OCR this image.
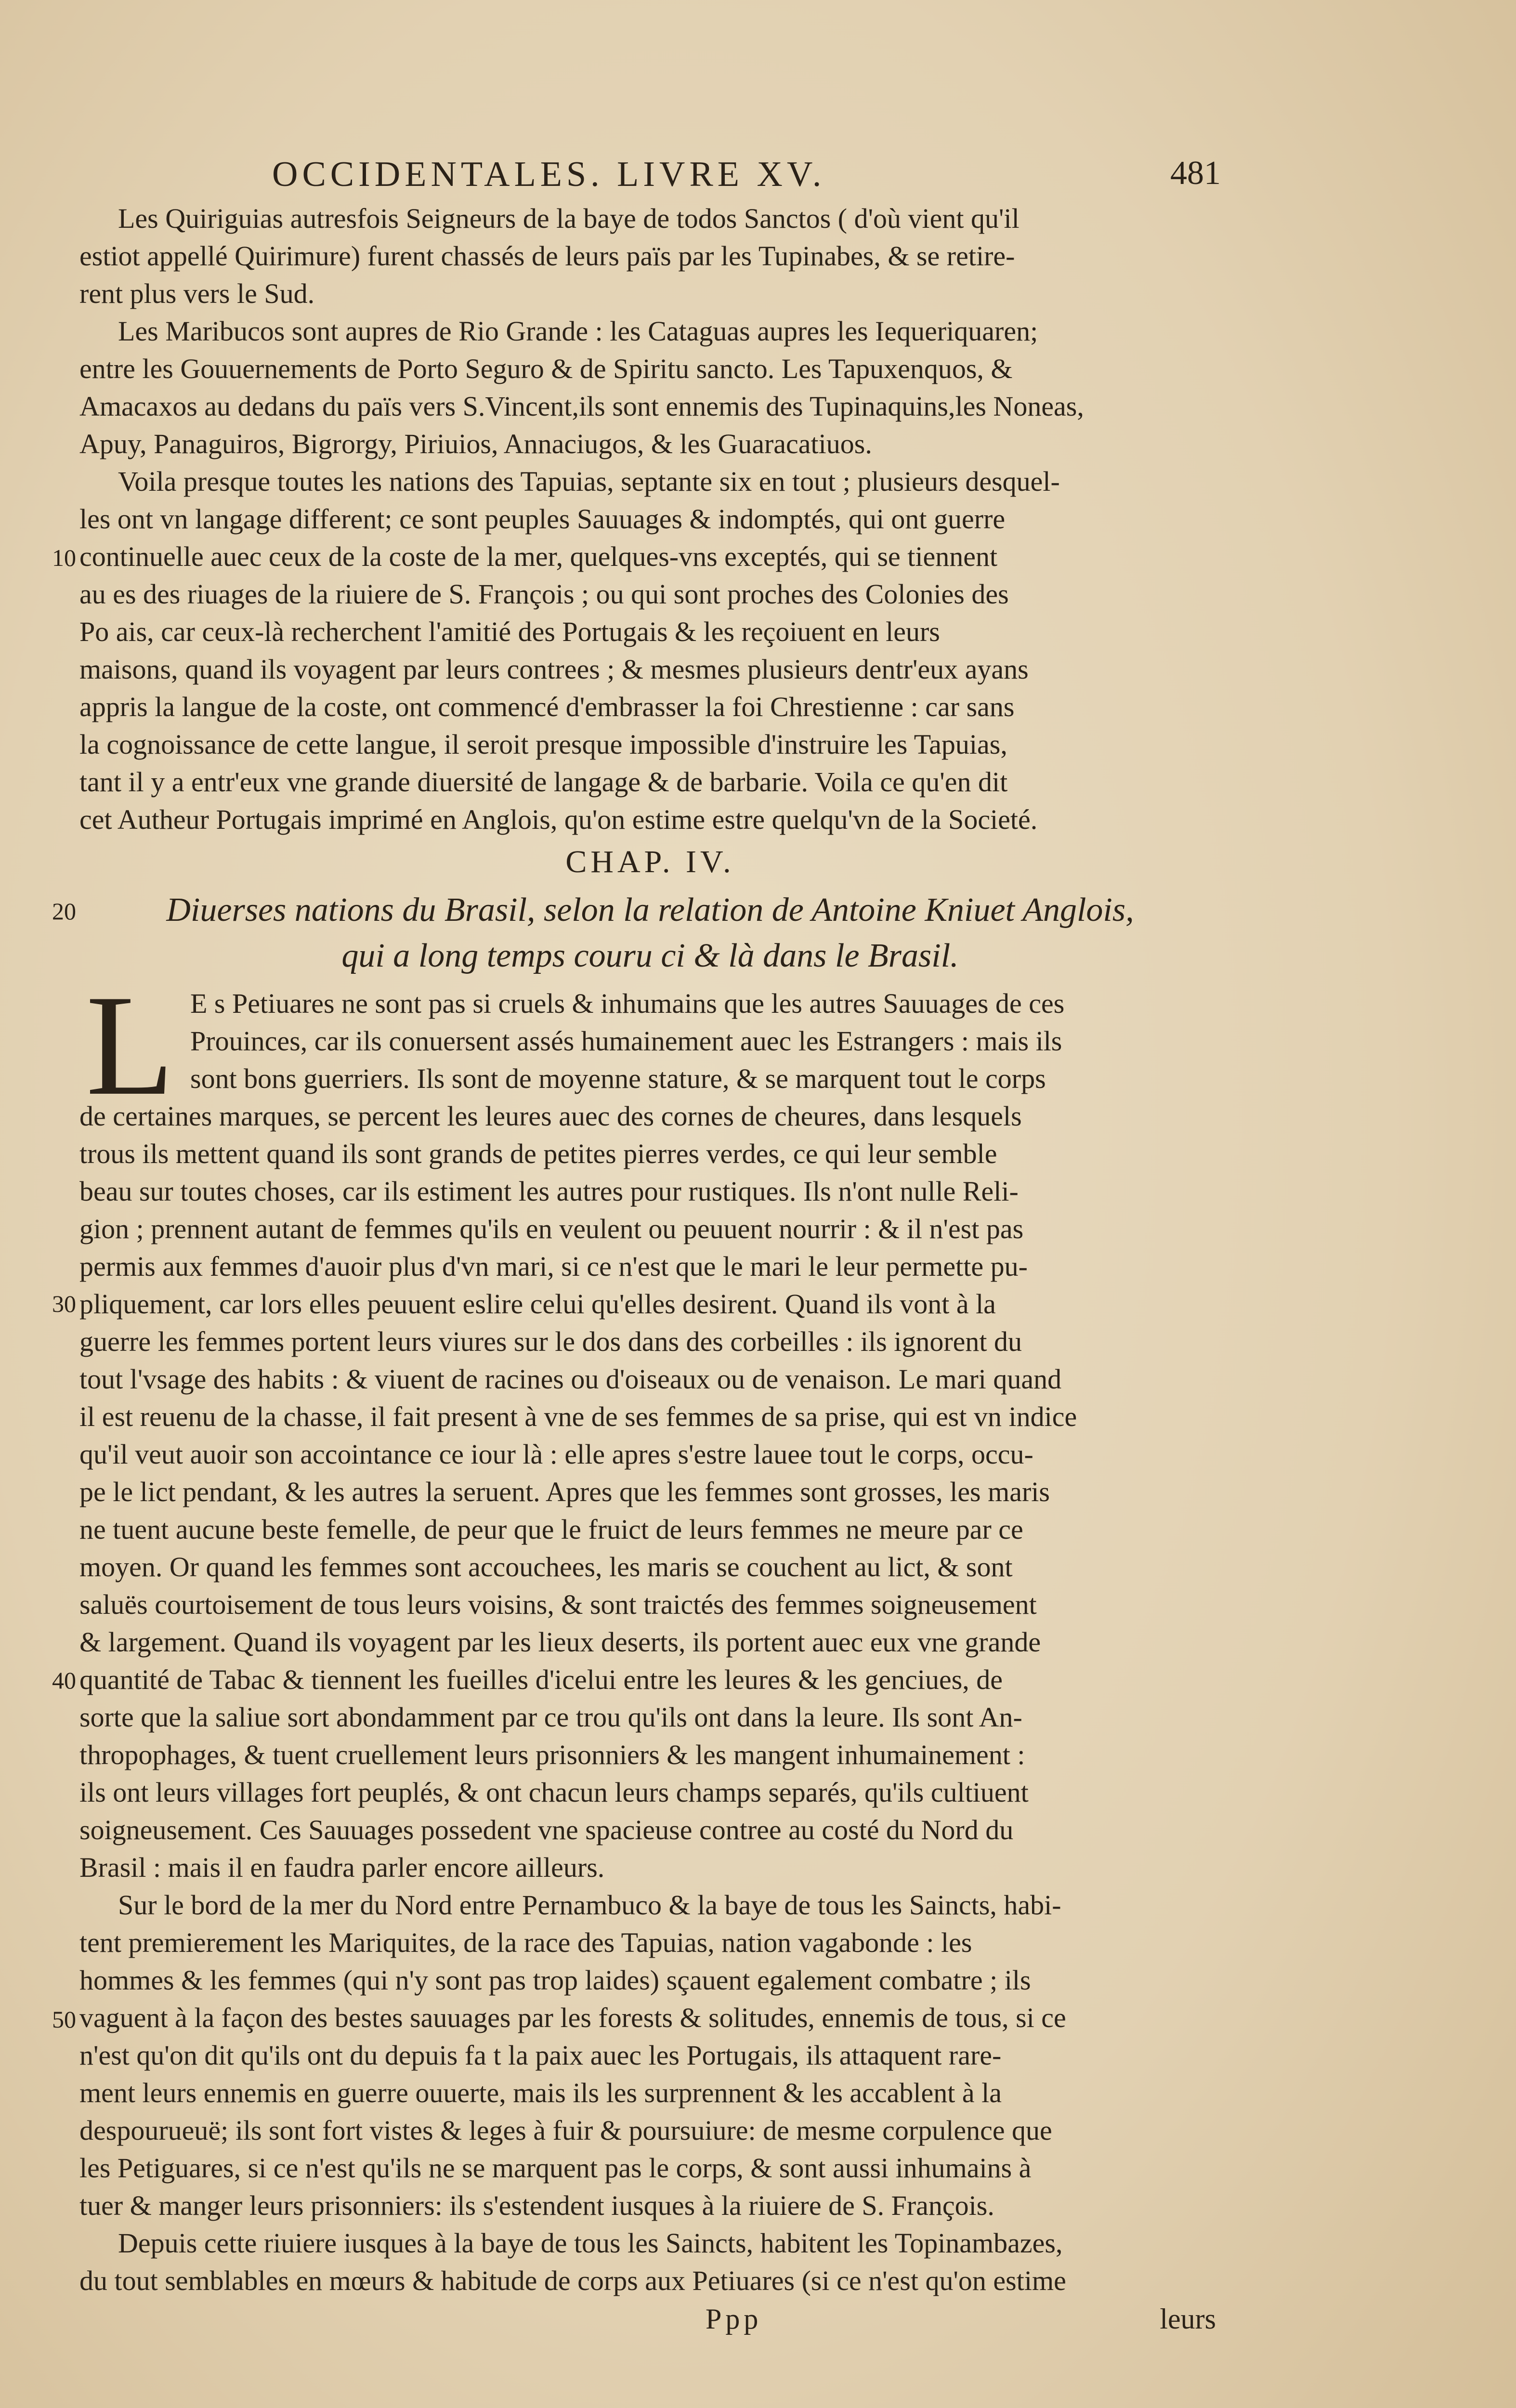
OCCIDENTALES. LIVRE XV.	481
Les Quiriguias autresfois Seigneurs de la baye de todos Sanctos ( d'où vient qu'il
estiot appellé Quirimure) furent chassés de leurs païs par les Tupinabes, & se retire-
rent plus vers le Sud.
Les Maribucos sont aupres de Rio Grande : les Cataguas aupres les Iequeriquaren;
entre les Gouuernements de Porto Seguro & de Spiritu sancto. Les Tapuxenquos, &
Amacaxos au dedans du païs vers S.Vincent,ils sont ennemis des Tupinaquins,les Noneas,
Apuy, Panaguiros, Bigrorgy, Piriuios, Annaciugos, & les Guaracatiuos.
Voila presque toutes les nations des Tapuias, septante six en tout ; plusieurs desquel-
les ont vn langage different; ce sont peuples Sauuages & indomptés, qui ont guerre
continuelle auec ceux de la coste de la mer, quelques-vns exceptés, qui se tiennent
au es des riuages de la riuiere de S. François ; ou qui sont proches des Colonies des
Po ais, car ceux-là recherchent l'amitié des Portugais & les reçoiuent en leurs
maisons, quand ils voyagent par leurs contrees ; & mesmes plusieurs dentr'eux ayans
appris la langue de la coste, ont commencé d'embrasser la foi Chrestienne : car sans
la cognoissance de cette langue, il seroit presque impossible d'instruire les Tapuias,
tant il y a entr'eux vne grande diuersité de langage & de barbarie. Voila ce qu'en dit
cet Autheur Portugais imprimé en Anglois, qu'on estime estre quelqu'vn de la Societé.
CHAP. IV.
Diuerses nations du Brasil, selon la relation de Antoine Kniuet Anglois,
qui a long temps couru ci & là dans le Brasil.
L E s Petiuares ne sont pas si cruels & inhumains que les autres Sauuages de ces
Prouinces, car ils conuersent assés humainement auec les Estrangers : mais ils
sont bons guerriers. Ils sont de moyenne stature, & se marquent tout le corps
de certaines marques, se percent les leures auec des cornes de cheures, dans lesquels
trous ils mettent quand ils sont grands de petites pierres verdes, ce qui leur semble
beau sur toutes choses, car ils estiment les autres pour rustiques. Ils n'ont nulle Reli-
gion ; prennent autant de femmes qu'ils en veulent ou peuuent nourrir : & il n'est pas
permis aux femmes d'auoir plus d'vn mari, si ce n'est que le mari le leur permette pu-
pliquement, car lors elles peuuent eslire celui qu'elles desirent. Quand ils vont à la
guerre les femmes portent leurs viures sur le dos dans des corbeilles : ils ignorent du
tout l'vsage des habits : & viuent de racines ou d'oiseaux ou de venaison. Le mari quand
il est reuenu de la chasse, il fait present à vne de ses femmes de sa prise, qui est vn indice
qu'il veut auoir son accointance ce iour là : elle apres s'estre lauee tout le corps, occu-
pe le lict pendant, & les autres la seruent. Apres que les femmes sont grosses, les maris
ne tuent aucune beste femelle, de peur que le fruict de leurs femmes ne meure par ce
moyen. Or quand les femmes sont accouchees, les maris se couchent au lict, & sont
saluës courtoisement de tous leurs voisins, & sont traictés des femmes soigneusement
& largement. Quand ils voyagent par les lieux deserts, ils portent auec eux vne grande
quantité de Tabac & tiennent les fueilles d'icelui entre les leures & les genciues, de
sorte que la saliue sort abondamment par ce trou qu'ils ont dans la leure. Ils sont An-
thropophages, & tuent cruellement leurs prisonniers & les mangent inhumainement :
ils ont leurs villages fort peuplés, & ont chacun leurs champs separés, qu'ils cultiuent
soigneusement. Ces Sauuages possedent vne spacieuse contree au costé du Nord du
Brasil : mais il en faudra parler encore ailleurs.
Sur le bord de la mer du Nord entre Pernambuco & la baye de tous les Saincts, habi-
tent premierement les Mariquites, de la race des Tapuias, nation vagabonde : les
hommes & les femmes (qui n'y sont pas trop laides) sçauent egalement combatre ; ils
vaguent à la façon des bestes sauuages par les forests & solitudes, ennemis de tous, si ce
n'est qu'on dit qu'ils ont du depuis fa t la paix auec les Portugais, ils attaquent rare-
ment leurs ennemis en guerre ouuerte, mais ils les surprennent & les accablent à la
despourueuë; ils sont fort vistes & leges à fuir & poursuiure: de mesme corpulence que
les Petiguares, si ce n'est qu'ils ne se marquent pas le corps, & sont aussi inhumains à
tuer & manger leurs prisonniers: ils s'estendent iusques à la riuiere de S. François.
Depuis cette riuiere iusques à la baye de tous les Saincts, habitent les Topinambazes,
du tout semblables en mœurs & habitude de corps aux Petiuares (si ce n'est qu'on estime
Ppp	leurs
10
20
30
40
50
